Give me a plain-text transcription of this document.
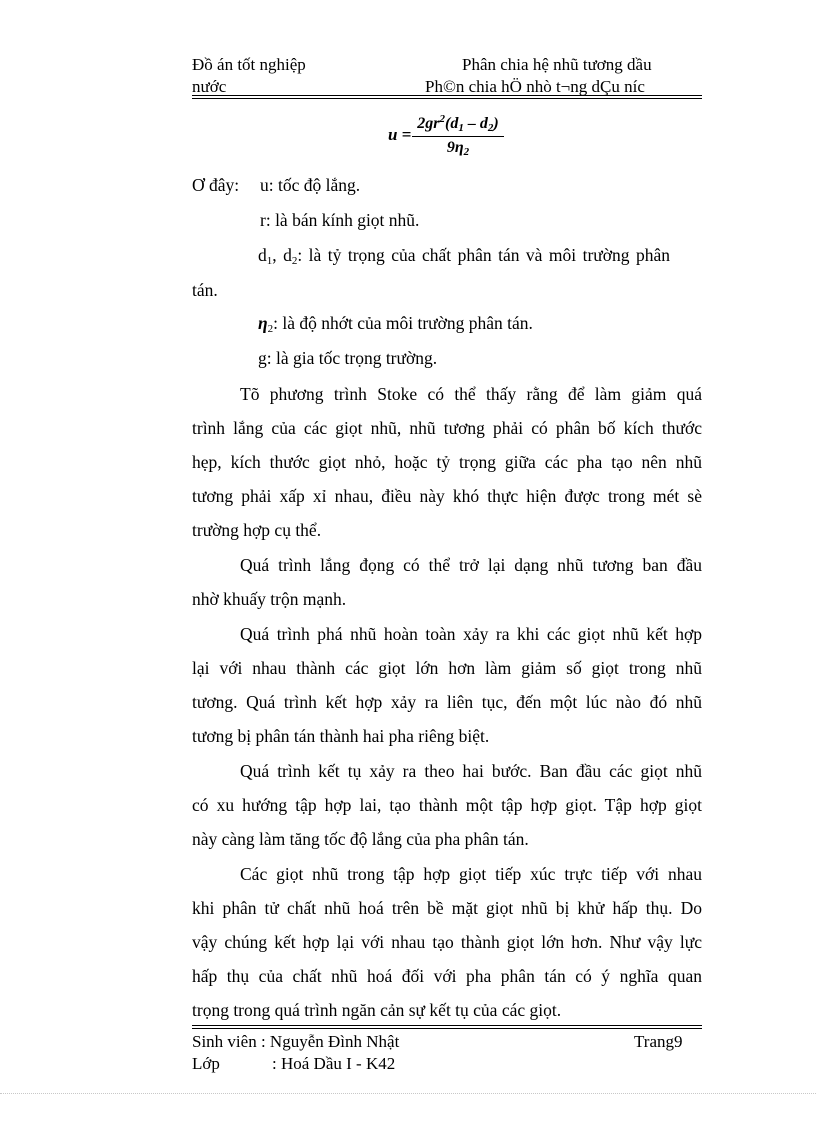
Đồ án tốt nghiệp	Phân chia hệ nhũ tương dầu
nước	Ph©n chia hÖ nhò t¬ng dÇu níc
$u = \frac{2gr^2(d_1 - d_2)}{9\eta_2}$
Ơ đây: u: tốc độ lắng.
r: là bán kính giọt nhũ.
$d_1$, $d_2$: là tỷ trọng của chất phân tán và môi trường phân
tán.
$\eta_2$: là độ nhớt của môi trường phân tán.
g: là gia tốc trọng trường.
Tõ phương trình Stoke có thể thấy rằng để làm giảm quá
trình lắng của các giọt nhũ, nhũ tương phải có phân bố kích thước
hẹp, kích thước giọt nhỏ, hoặc tỷ trọng giữa các pha tạo nên nhũ
tương phải xấp xỉ nhau, điều này khó thực hiện được trong mét sè
trường hợp cụ thể.
Quá trình lắng đọng có thể trở lại dạng nhũ tương ban đầu
nhờ khuấy trộn mạnh.
Quá trình phá nhũ hoàn toàn xảy ra khi các giọt nhũ kết hợp
lại với nhau thành các giọt lớn hơn làm giảm số giọt trong nhũ
tương. Quá trình kết hợp xảy ra liên tục, đến một lúc nào đó nhũ
tương bị phân tán thành hai pha riêng biệt.
Quá trình kết tụ xảy ra theo hai bước. Ban đầu các giọt nhũ
có xu hướng tập hợp lai, tạo thành một tập hợp giọt. Tập hợp giọt
này càng làm tăng tốc độ lắng của pha phân tán.
Các giọt nhũ trong tập hợp giọt tiếp xúc trực tiếp với nhau
khi phân tử chất nhũ hoá trên bề mặt giọt nhũ bị khử hấp thụ. Do
vậy chúng kết hợp lại với nhau tạo thành giọt lớn hơn. Như vậy lực
hấp thụ của chất nhũ hoá đối với pha phân tán có ý nghĩa quan
trọng trong quá trình ngăn cản sự kết tụ của các giọt.
Sinh viên : Nguyễn Đình Nhật	Trang9
Lớp	: Hoá Dầu I - K42
